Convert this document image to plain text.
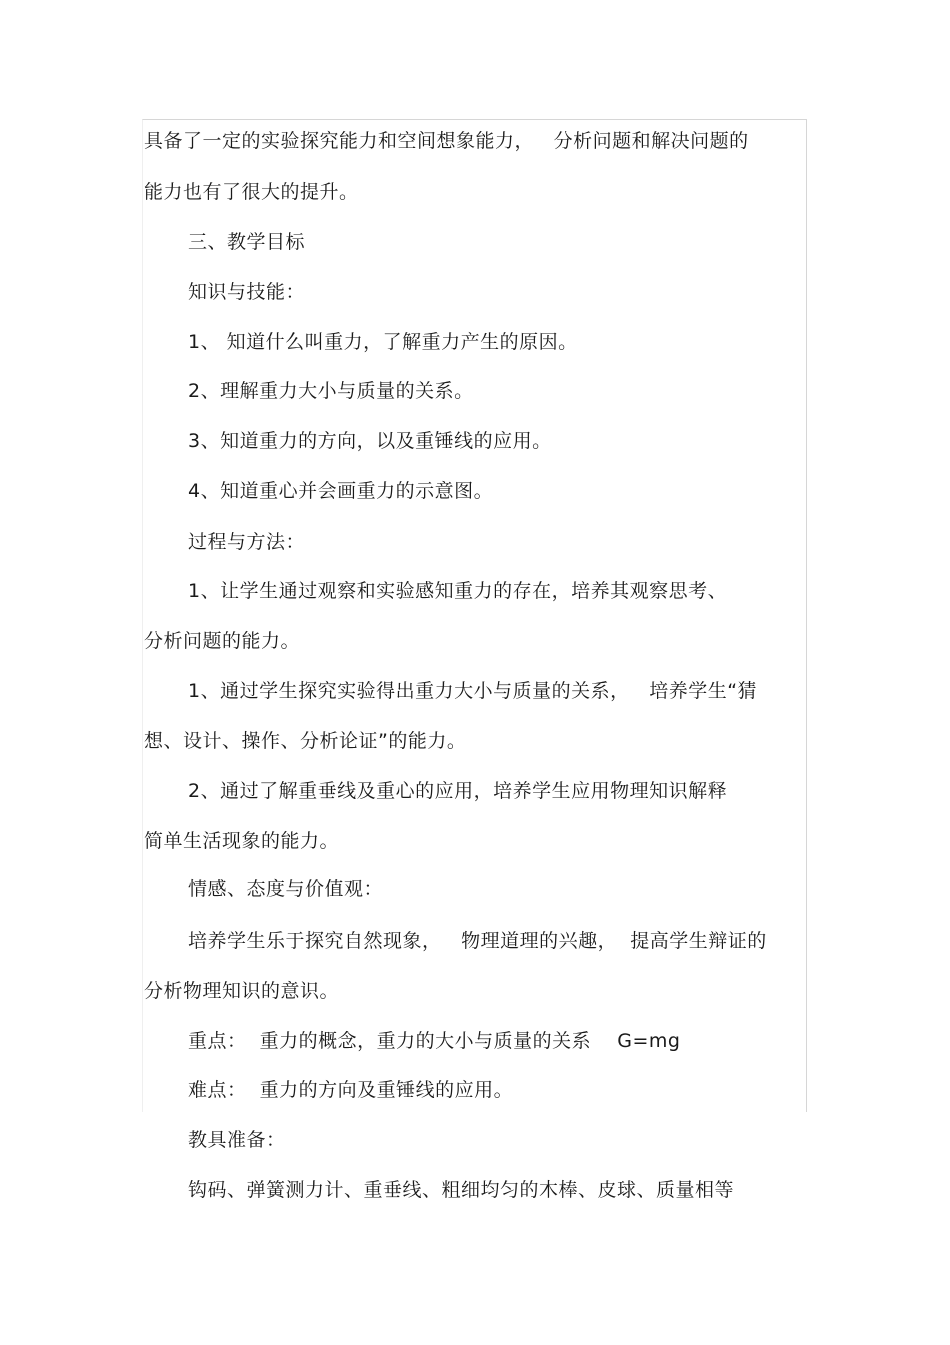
具备了一定的实验探究能力和空间想象能力，   分析问题和解决问题的
能力也有了很大的提升。
三、教学目标
知识与技能：
1、 知道什么叫重力，了解重力产生的原因。
2、理解重力大小与质量的关系。
3、知道重力的方向，以及重锤线的应用。
4、知道重心并会画重力的示意图。
过程与方法：
1、让学生通过观察和实验感知重力的存在，培养其观察思考、
分析问题的能力。
1、通过学生探究实验得出重力大小与质量的关系，   培养学生“猜
想、设计、操作、分析论证”的能力。
2、通过了解重垂线及重心的应用，培养学生应用物理知识解释
简单生活现象的能力。
情感、态度与价值观：
培养学生乐于探究自然现象，   物理道理的兴趣，  提高学生辩证的
分析物理知识的意识。
重点：  重力的概念，重力的大小与质量的关系    G=mg
难点：  重力的方向及重锤线的应用。
教具准备：
钩码、弹簧测力计、重垂线、粗细均匀的木棒、皮球、质量相等
